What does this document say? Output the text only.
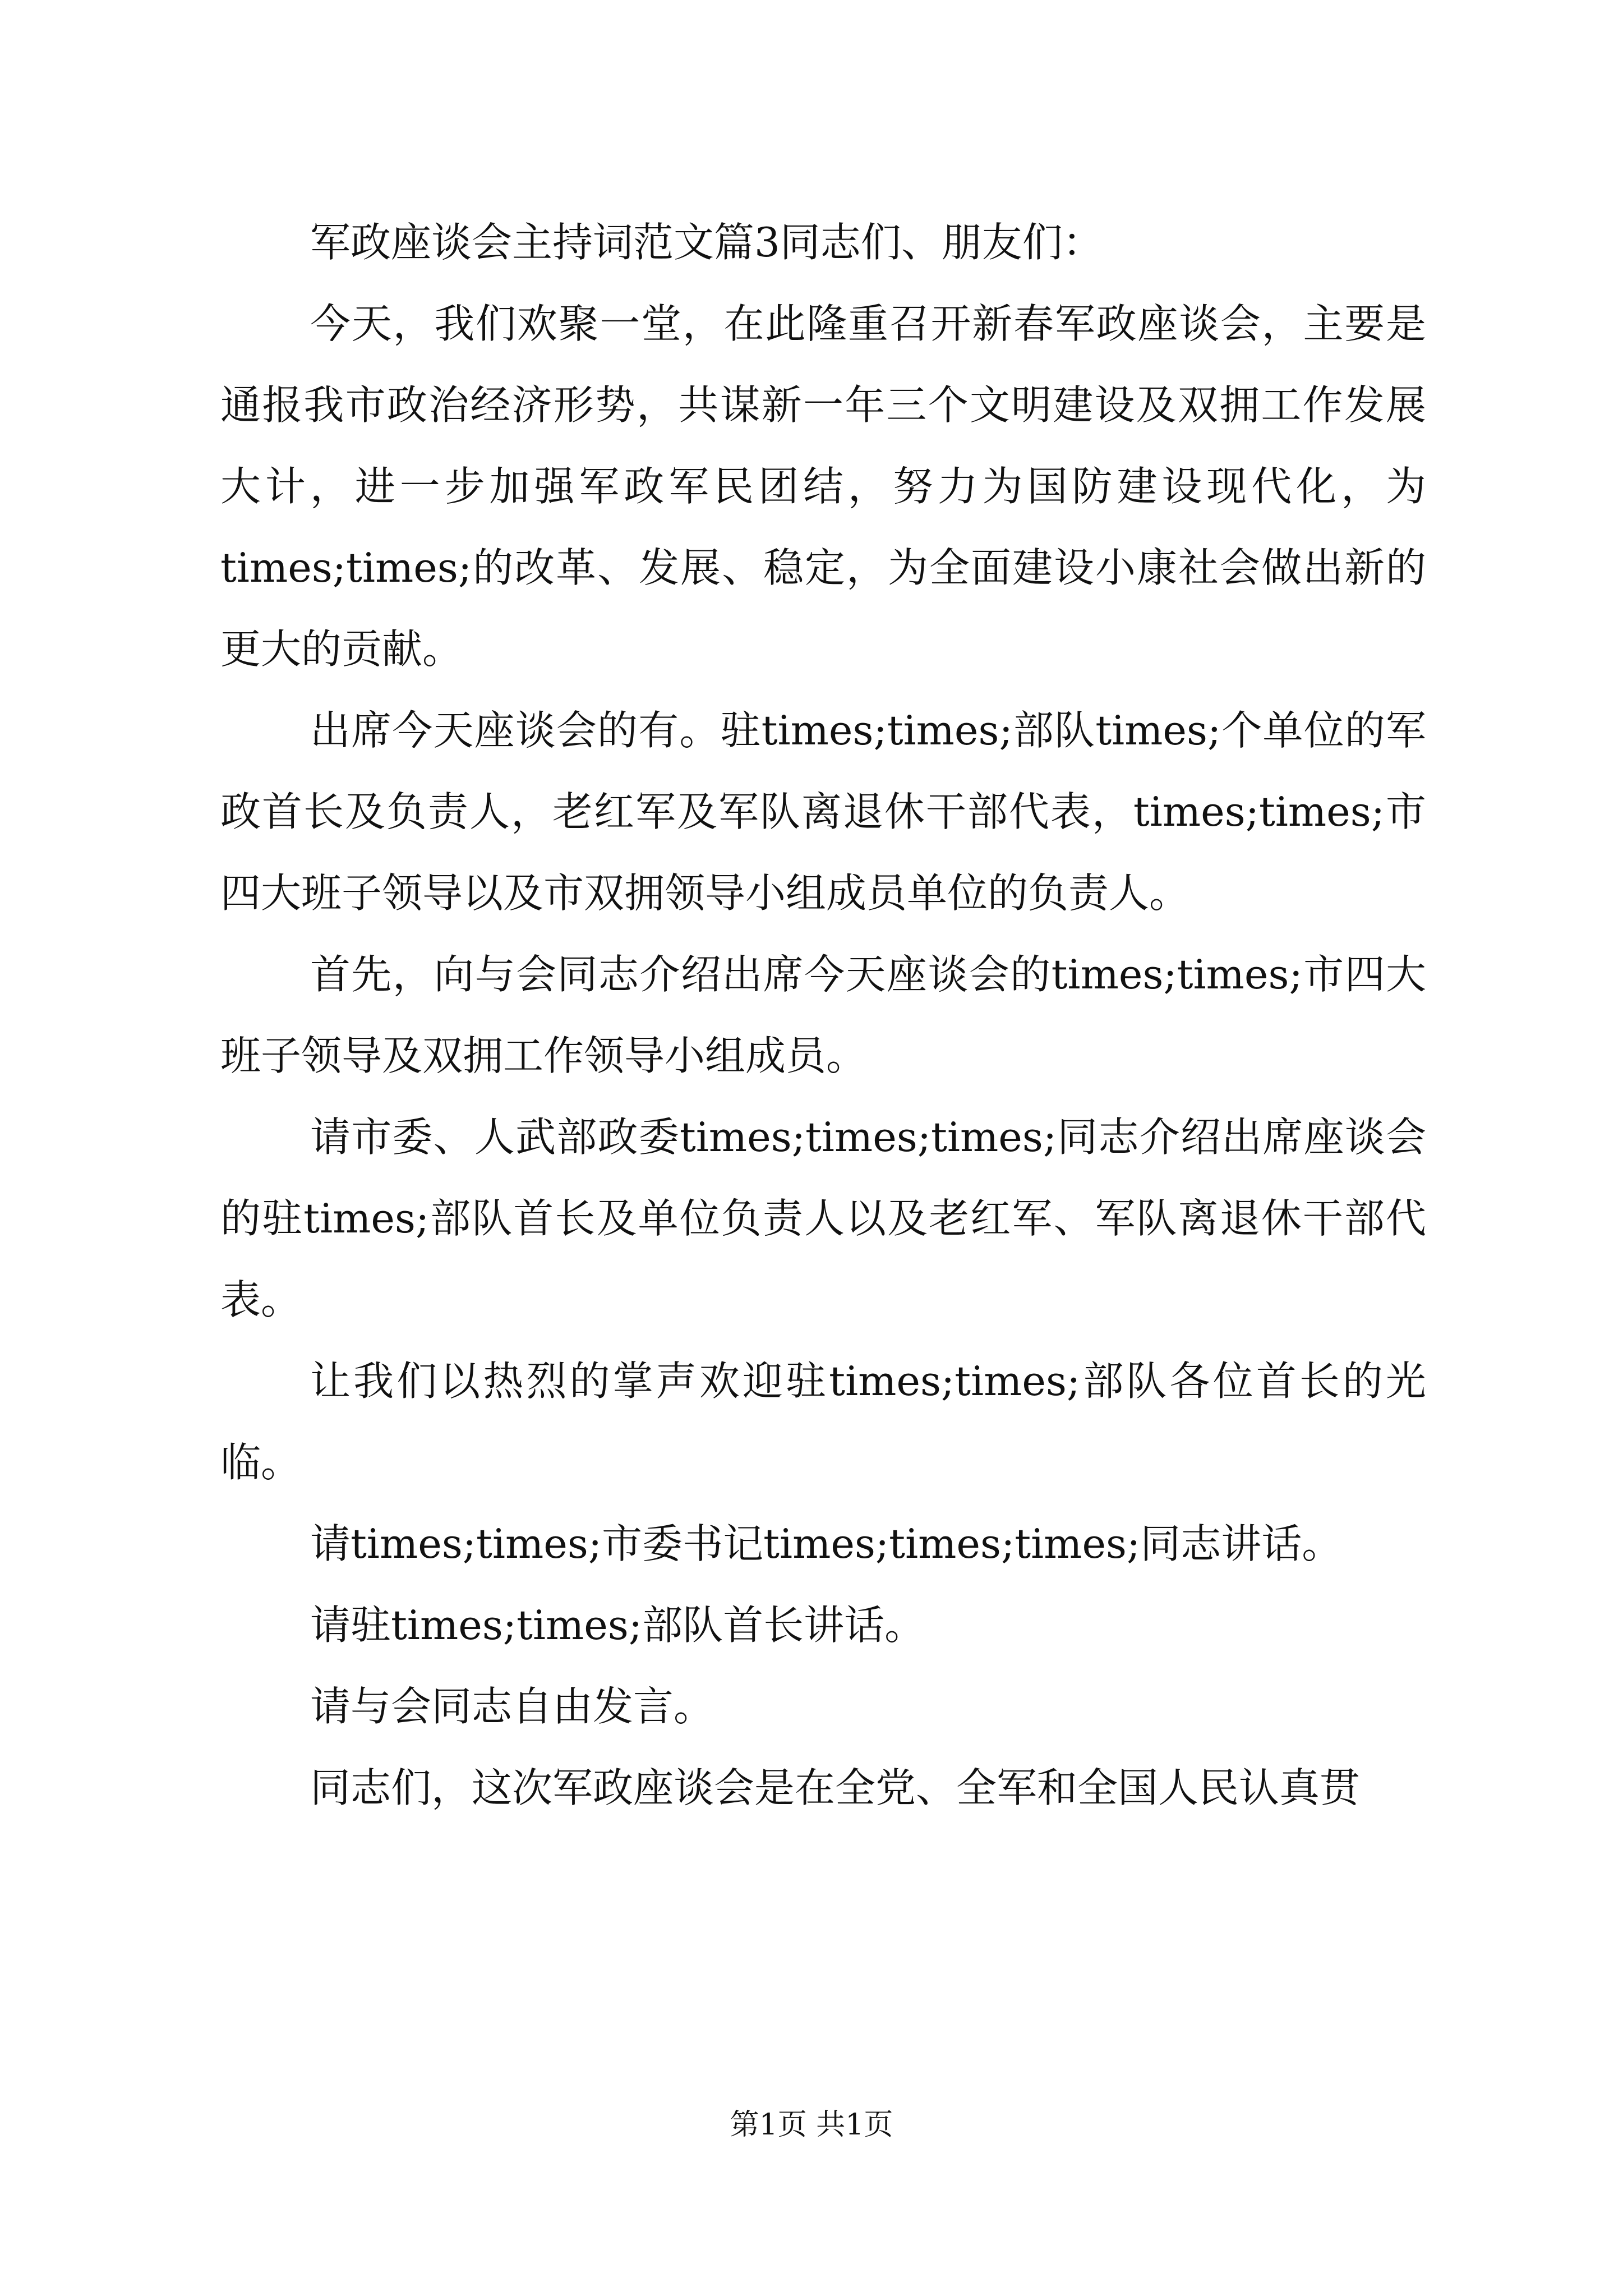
军政座谈会主持词范文篇3同志们、朋友们：

今天，我们欢聚一堂，在此隆重召开新春军政座谈会，主要是通报我市政治经济形势，共谋新一年三个文明建设及双拥工作发展大计，进一步加强军政军民团结，努力为国防建设现代化，为times;times;的改革、发展、稳定，为全面建设小康社会做出新的更大的贡献。

出席今天座谈会的有。驻times;times;部队times;个单位的军政首长及负责人，老红军及军队离退休干部代表，times;times;市四大班子领导以及市双拥领导小组成员单位的负责人。

首先，向与会同志介绍出席今天座谈会的times;times;市四大班子领导及双拥工作领导小组成员。

请市委、人武部政委times;times;times;同志介绍出席座谈会的驻times;部队首长及单位负责人以及老红军、军队离退休干部代表。

让我们以热烈的掌声欢迎驻times;times;部队各位首长的光临。

请times;times;市委书记times;times;times;同志讲话。

请驻times;times;部队首长讲话。

请与会同志自由发言。

同志们，这次军政座谈会是在全党、全军和全国人民认真贯

第1页 共1页
